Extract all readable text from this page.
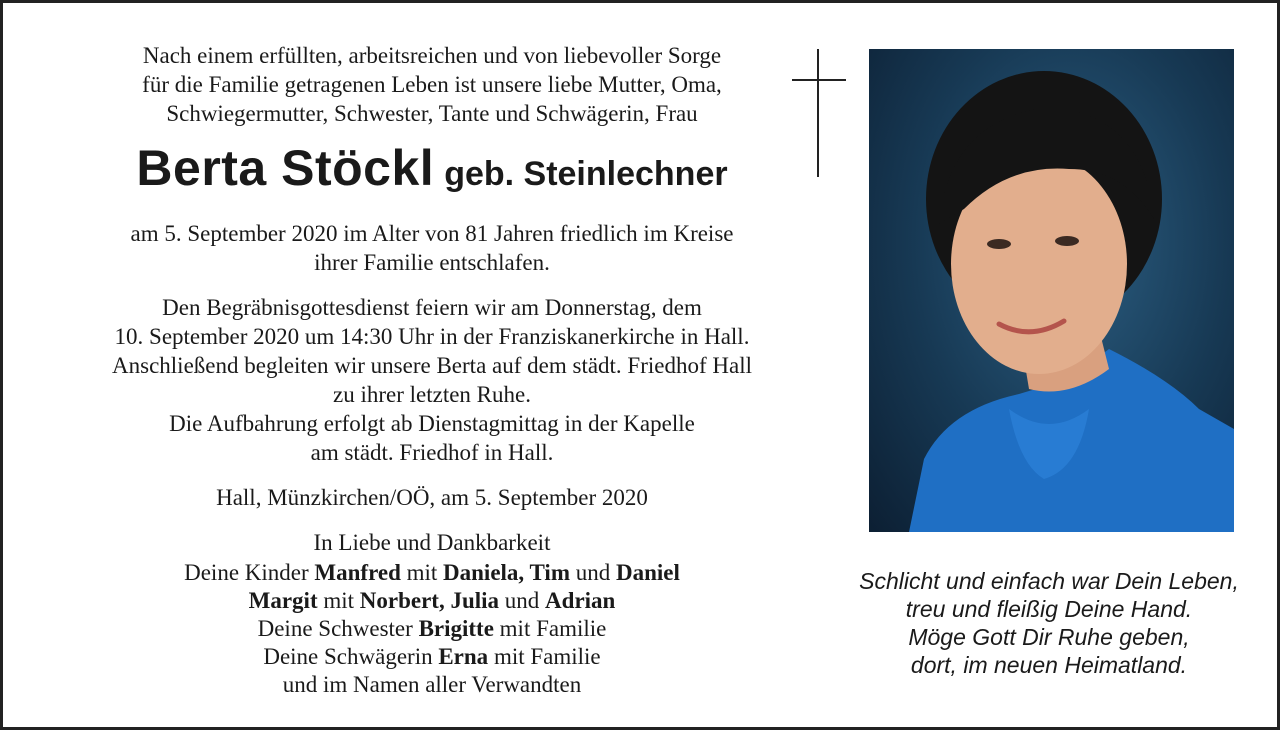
Nach einem erfüllten, arbeitsreichen und von liebevoller Sorge
für die Familie getragenen Leben ist unsere liebe Mutter, Oma,
Schwiegermutter, Schwester, Tante und Schwägerin, Frau

Berta Stöckl geb. Steinlechner

am 5. September 2020 im Alter von 81 Jahren friedlich im Kreise
ihrer Familie entschlafen.

Den Begräbnisgottesdienst feiern wir am Donnerstag, dem
10. September 2020 um 14:30 Uhr in der Franziskanerkirche in Hall.
Anschließend begleiten wir unsere Berta auf dem städt. Friedhof Hall
zu ihrer letzten Ruhe.
Die Aufbahrung erfolgt ab Dienstagmittag in der Kapelle
am städt. Friedhof in Hall.

Hall, Münzkirchen/OÖ, am 5. September 2020

In Liebe und Dankbarkeit

Deine Kinder Manfred mit Daniela, Tim und Daniel
Margit mit Norbert, Julia und Adrian
Deine Schwester Brigitte mit Familie
Deine Schwägerin Erna mit Familie
und im Namen aller Verwandten
Schlicht und einfach war Dein Leben,
treu und fleißig Deine Hand.
Möge Gott Dir Ruhe geben,
dort, im neuen Heimatland.
